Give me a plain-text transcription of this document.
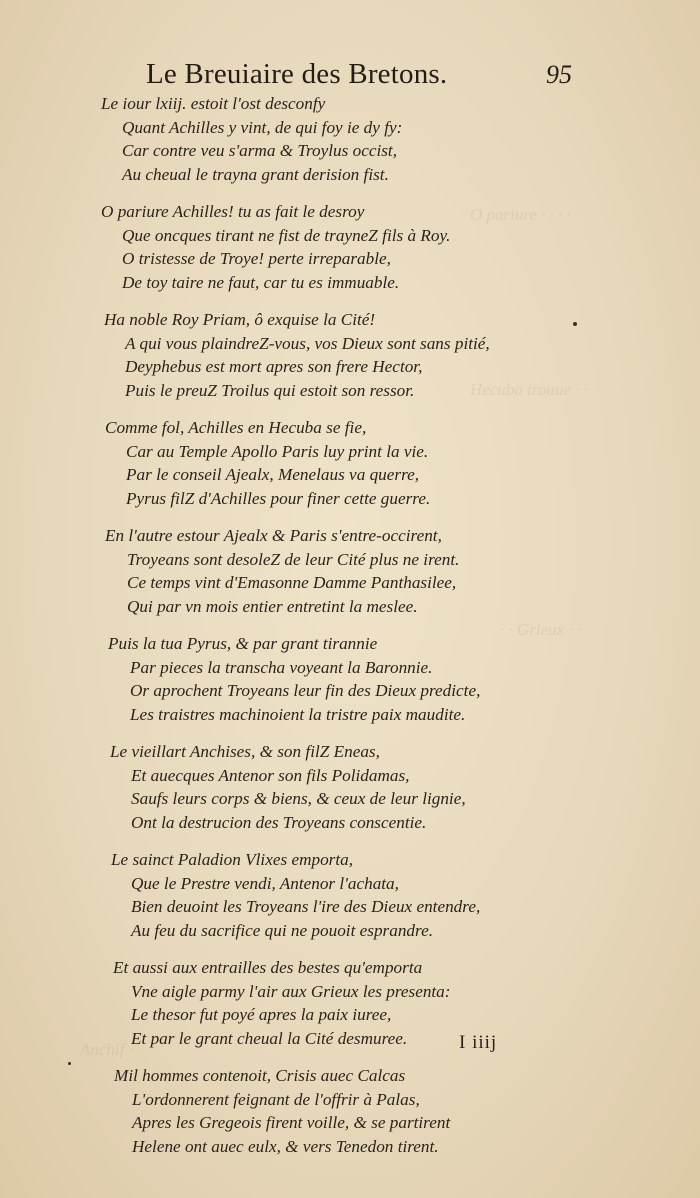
O pariure · · · ·
Hecuba trouue · ·
· · Grieux · ·
Anchif ·
Le Breuiaire des Bretons.	95
Le iour lxiij. estoit l'ost desconfy
Quant Achilles y vint, de qui foy ie dy fy:
Car contre veu s'arma & Troylus occist,
Au cheual le trayna grant derision fist.
O pariure Achilles! tu as fait le desroy
Que oncques tirant ne fist de trayneZ fils à Roy.
O tristesse de Troye! perte irreparable,
De toy taire ne faut, car tu es immuable.
Ha noble Roy Priam, ô exquise la Cité!
A qui vous plaindreZ-vous, vos Dieux sont sans pitié,
Deyphebus est mort apres son frere Hector,
Puis le preuZ Troilus qui estoit son ressor.
Comme fol, Achilles en Hecuba se fie,
Car au Temple Apollo Paris luy print la vie.
Par le conseil Ajealx, Menelaus va querre,
Pyrus filZ d'Achilles pour finer cette guerre.
En l'autre estour Ajealx & Paris s'entre-occirent,
Troyeans sont desoleZ de leur Cité plus ne irent.
Ce temps vint d'Emasonne Damme Panthasilee,
Qui par vn mois entier entretint la meslee.
Puis la tua Pyrus, & par grant tirannie
Par pieces la transcha voyeant la Baronnie.
Or aprochent Troyeans leur fin des Dieux predicte,
Les traistres machinoient la tristre paix maudite.
Le vieillart Anchises, & son filZ Eneas,
Et auecques Antenor son fils Polidamas,
Saufs leurs corps & biens, & ceux de leur lignie,
Ont la destrucion des Troyeans conscentie.
Le sainct Paladion Vlixes emporta,
Que le Prestre vendi, Antenor l'achata,
Bien deuoint les Troyeans l'ire des Dieux entendre,
Au feu du sacrifice qui ne pouoit esprandre.
Et aussi aux entrailles des bestes qu'emporta
Vne aigle parmy l'air aux Grieux les presenta:
Le thesor fut poyé apres la paix iuree,
Et par le grant cheual la Cité desmuree.
Mil hommes contenoit, Crisis auec Calcas
L'ordonnerent feignant de l'offrir à Palas,
Apres les Gregeois firent voille, & se partirent
Helene ont auec eulx, & vers Tenedon tirent.
I iiij
